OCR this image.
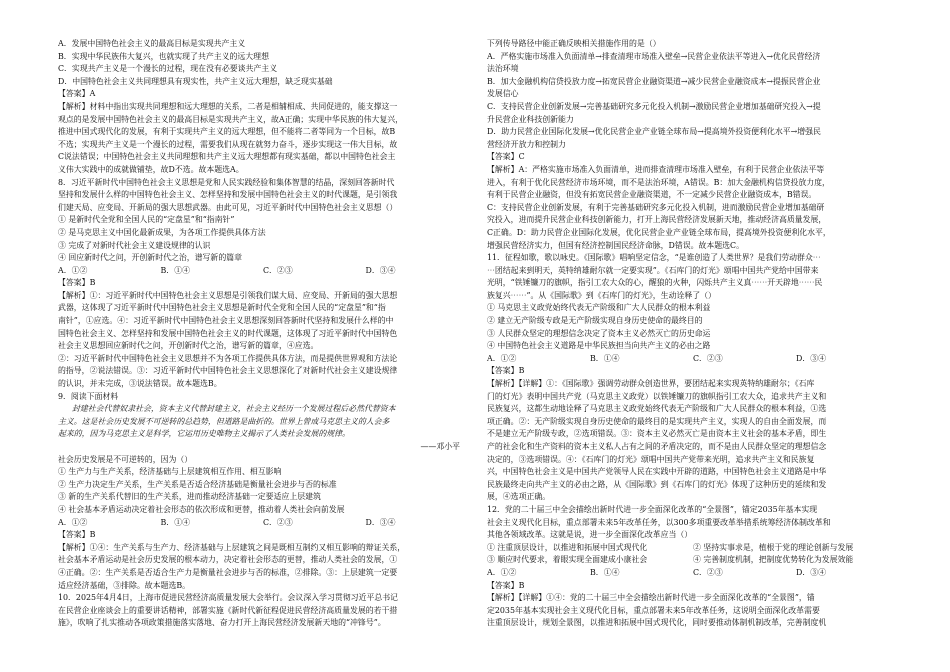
A．发展中国特色社会主义的最高目标是实现共产主义
B．实现中华民族伟大复兴，也就实现了共产主义的远大理想
C．实现共产主义是一个漫长的过程，现在没有必要谈共产主义
D．中国特色社会主义共同理想具有现实性，共产主义远大理想，缺乏现实基础
【答案】A
【解析】材料中指出实现共同理想和远大理想的关系，二者是相辅相成、共同促进的，能支撑这一
观点的是发展中国特色社会主义的最高目标是实现共产主义，故A正确；实现中华民族的伟大复兴，
推进中国式现代化的发展，有利于实现共产主义的远大理想，但不能将二者等同为一个目标，故B
不选；实现共产主义是一个漫长的过程，需要我们从现在就努力奋斗，逐步实现这一伟大目标，故
C说法错误；中国特色社会主义共同理想和共产主义远大理想都有现实基础，都以中国特色社会主
义伟大实践中的成就做铺垫，故D不选。故本题选A。
8．习近平新时代中国特色社会主义思想是党和人民实践经验和集体智慧的结晶，深刻回答新时代
坚持和发展什么样的中国特色社会主义、怎样坚持和发展中国特色社会主义的时代课题，是引领我
们建天局、应变局、开新局的强大思想武器。由此可见，习近平新时代中国特色社会主义思想（）
① 是新时代全党和全国人民的“定盘星”和“指南针”
② 是马克思主义中国化最新成果，为各项工作提供具体方法
③ 完成了对新时代社会主义建设规律的认识
④ 回应新时代之问，开创新时代之治，谱写新的篇章
A．①②	B．①④	C．②③	D．③④
【答案】B
【解析】①：习近平新时代中国特色社会主义思想是引领我们谋大局、应变局、开新局的强大思想
武器，这体现了习近平新时代中国特色社会主义思想是新时代全党和全国人民的“定盘星”和“指
南针”，①应选。④：习近平新时代中国特色社会主义思想深刻回答新时代坚持和发展什么样的中
国特色社会主义、怎样坚持和发展中国特色社会主义的时代课题，这体现了习近平新时代中国特色
社会主义思想回应新时代之问，开创新时代之治，谱写新的篇章，④应选。
②：习近平新时代中国特色社会主义思想并不为各项工作提供具体方法，而是提供世界观和方法论
的指导，②说法错误。③：习近平新时代中国特色社会主义思想深化了对新时代社会主义建设规律
的认识，并未完成，③说法错误。故本题选B。
9．阅读下面材料
封建社会代替奴隶社会，资本主义代替封建主义，社会主义经历一个发展过程后必然代替资本
主义。这是社会历史发展不可逆转的总趋势，但道路是曲折的。世界上曾成马克思主义的人会多
起来的，因为马克思主义是科学，它运用历史唯物主义揭示了人类社会发展的规律。
——邓小平
社会历史发展是不可逆转的，因为（）
① 生产力与生产关系，经济基础与上层建筑相互作用、相互影响
② 生产力决定生产关系，生产关系是否适合经济基础是衡量社会进步与否的标准
③ 新的生产关系代替旧的生产关系，进而推动经济基础一定要适应上层建筑
④ 社会基本矛盾运动决定着社会形态的依次形成和更替，推动着人类社会向前发展
A．①②	B．①④	C．②③	D．③④
【答案】B
【解析】①④：生产关系与生产力、经济基础与上层建筑之间是既相互制约又相互影响的辩证关系，
社会基本矛盾运动是社会历史发展的根本动力，决定着社会形态的更替，推动人类社会的发展，①
④正确。②：生产关系是否适合生产力是衡量社会进步与否的标准，②排除。③：上层建筑一定要
适应经济基础，③排除。故本题选B。
10．2025年4月4日，上海市促进民营经济高质量发展大会举行。会议深入学习贯彻习近平总书记
在民营企业座谈会上的重要讲话精神，部署实施《新时代新征程促进民营经济高质量发展的若干措
施》，吹响了扎实推动各项政策措施落实落地、奋力打开上海民营经济发展新天地的“冲锋号”。
下列传导路径中能正确反映相关措施作用的是（）
A．严格实施市场准入负面清单→排查清理市场准入壁垒→民营企业依法平等进入→优化民营经济
法治环境
B．加大金融机构信贷投放力度→拓宽民营企业融资渠道→减少民营企业融资成本→提振民营企业
发展信心
C．支持民营企业创新发展→完善基础研究多元化投入机制→激励民营企业增加基础研究投入→提
升民营企业科技创新能力
D．助力民营企业国际化发展→优化民营企业产业链全球布局→提高境外投资便利化水平→增强民
营经济开放力和控制力
【答案】C
【解析】A：严格实施市场准入负面清单，进而排查清理市场准入壁垒，有利于民营企业依法平等
进入，有利于优化民营经济市场环境，而不是法治环境，A错误。B：加大金融机构信贷投放力度，
有利于民营企业融资，但没有拓宽民营企业融资渠道，不一定减少民营企业融资成本，B错误。
C：支持民营企业创新发展，有利于完善基础研究多元化投入机制，进而激励民营企业增加基础研
究投入，进而提升民营企业科技创新能力，打开上海民营经济发展新天地，推动经济高质量发展，
C正确。D：助力民营企业国际化发展，优化民营企业产业链全球布局，提高境外投资便利化水平，
增强民营经济实力，但国有经济控制国民经济命脉，D错误。故本题选C。
11．征程如歌，歌以咏史。《国际歌》唱响坚定信念，“是谁创造了人类世界？是我们劳动群众⋯
⋯团结起来到明天，英特纳雄耐尔就一定要实现”。《石库门的灯光》颂唱中国共产党给中国带来
光明，“铁锤镰刀的旗帜，指引工农大众的心，醒狼的火种，闪烁共产主义真⋯⋯开天辟地⋯⋯民
族复兴⋯⋯”。从《国际歌》到《石库门的灯光》，生动诠释了（）
① 马克思主义政党始终代表无产阶级和广大人民群众的根本利益
② 建立无产阶级专政是无产阶级实现自身历史使命的最终目的
③ 人民群众坚定的理想信念决定了资本主义必然灭亡的历史命运
④ 中国特色社会主义道路是中华民族担当向共产主义的必由之路
A．①②	B．①④	C．②③	D．③④
【答案】B
【解析】【详解】①：《国际歌》强调劳动群众创造世界，要团结起来实现英特纳雄耐尔；《石库
门的灯光》表明中国共产党（马克思主义政党）以铁锤镰刀的旗帜指引工农大众，追求共产主义和
民族复兴，这都生动地诠释了马克思主义政党始终代表无产阶级和广大人民群众的根本利益，①选
项正确。②：无产阶级实现自身历史使命的最终目的是实现共产主义，实现人的自由全面发展，而
不是建立无产阶级专政，②选项错误。③：资本主义必然灭亡是由资本主义社会的基本矛盾，即生
产的社会化和生产资料的资本主义私人占有之间的矛盾决定的，而不是由人民群众坚定的理想信念
决定的，③选项错误。④：《石库门的灯光》颂唱中国共产党带来光明，追求共产主义和民族复
兴，中国特色社会主义是中国共产党领导人民在实践中开辟的道路，中国特色社会主义道路是中华
民族最终走向共产主义的必由之路，从《国际歌》到《石库门的灯光》体现了这种历史的延续和发
展，④选项正确。
12．党的二十届三中全会描绘出新时代进一步全面深化改革的“全景图”，锚定2035年基本实现
社会主义现代化目标，重点部署未来5年改革任务，以300多项重要改革举措系统筹经济体制改革和
其他各领域改革。这就是说，进一步全面深化改革应当（）
① 注重顶层设计，以推进和拓展中国式现代化	② 坚持实事求是，植根于党的理论创新与发展
③ 顺应时代要求，着眼实现全面建成小康社会	④ 完善制度机制，把制度优势转化为发展效能
A．①②	B．①④	C．②③	D．③④
【答案】B
【解析】【详解】①④：党的二十届三中全会描绘出新时代进一步全面深化改革的“全景图”，锚
定2035年基本实现社会主义现代化目标，重点部署未来5年改革任务，这说明全面深化改革需要
注重顶层设计，规划全景图，以推进和拓展中国式现代化，同时要推动体制机制改革，完善制度机
